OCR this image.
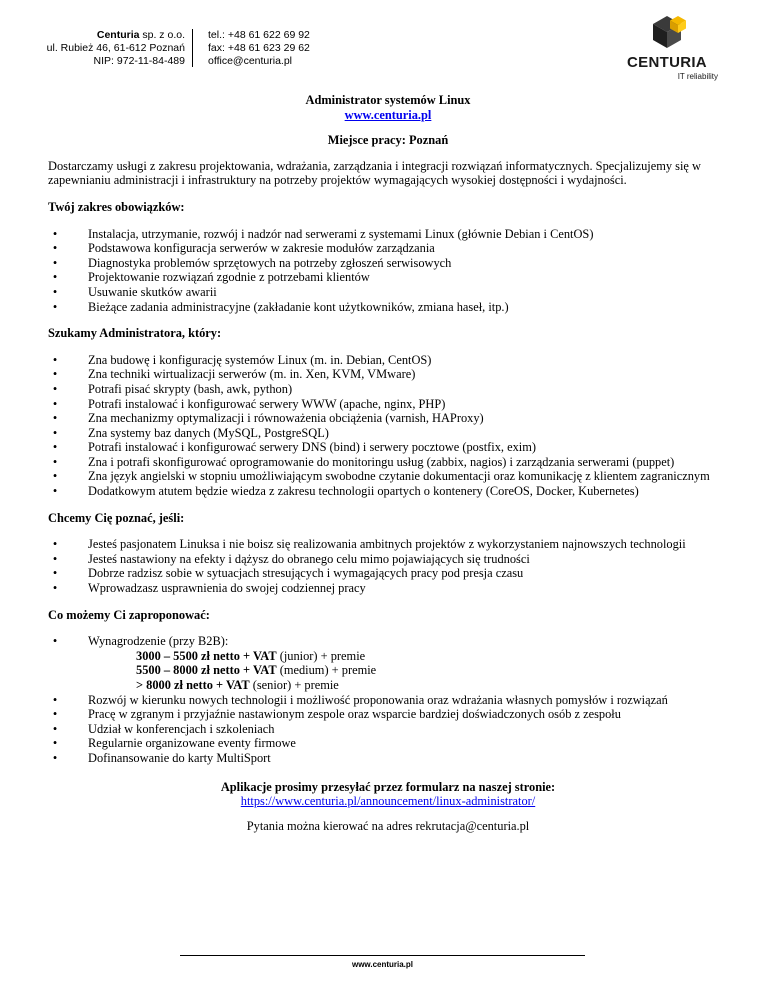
Centuria sp. z o.o.
ul. Rubież 46, 61-612 Poznań
NIP: 972-11-84-489
tel.: +48 61 622 69 92
fax: +48 61 623 29 62
office@centuria.pl	CENTURIA
IT reliability

Administrator systemów Linux

www.centuria.pl

Miejsce pracy: Poznań

Dostarczamy usługi z zakresu projektowania, wdrażania, zarządzania i integracji rozwiązań informatycznych. Specjalizujemy się w zapewnianiu administracji i infrastruktury na potrzeby projektów wymagających wysokiej dostępności i wydajności.

Twój zakres obowiązków:

• Instalacja, utrzymanie, rozwój i nadzór nad serwerami z systemami Linux (głównie Debian i CentOS)
• Podstawowa konfiguracja serwerów w zakresie modułów zarządzania
• Diagnostyka problemów sprzętowych na potrzeby zgłoszeń serwisowych
• Projektowanie rozwiązań zgodnie z potrzebami klientów
• Usuwanie skutków awarii
• Bieżące zadania administracyjne (zakładanie kont użytkowników, zmiana haseł, itp.)

Szukamy Administratora, który:

• Zna budowę i konfigurację systemów Linux (m. in. Debian, CentOS)
• Zna techniki wirtualizacji serwerów (m. in. Xen, KVM, VMware)
• Potrafi pisać skrypty (bash, awk, python)
• Potrafi instalować i konfigurować serwery WWW (apache, nginx, PHP)
• Zna mechanizmy optymalizacji i równoważenia obciążenia (varnish, HAProxy)
• Zna systemy baz danych (MySQL, PostgreSQL)
• Potrafi instalować i konfigurować serwery DNS (bind) i serwery pocztowe (postfix, exim)
• Zna i potrafi skonfigurować oprogramowanie do monitoringu usług (zabbix, nagios) i zarządzania serwerami (puppet)
• Zna język angielski w stopniu umożliwiającym swobodne czytanie dokumentacji oraz komunikację z klientem zagranicznym
• Dodatkowym atutem będzie wiedza z zakresu technologii opartych o kontenery (CoreOS, Docker, Kubernetes)

Chcemy Cię poznać, jeśli:

• Jesteś pasjonatem Linuksa i nie boisz się realizowania ambitnych projektów z wykorzystaniem najnowszych technologii
• Jesteś nastawiony na efekty i dążysz do obranego celu mimo pojawiających się trudności
• Dobrze radzisz sobie w sytuacjach stresujących i wymagających pracy pod presja czasu
• Wprowadzasz usprawnienia do swojej codziennej pracy

Co możemy Ci zaproponować:

• Wynagrodzenie (przy B2B):
3000 – 5500 zł netto + VAT (junior) + premie
5500 – 8000 zł netto + VAT (medium) + premie
> 8000 zł netto + VAT (senior) + premie
• Rozwój w kierunku nowych technologii i możliwość proponowania oraz wdrażania własnych pomysłów i rozwiązań
• Pracę w zgranym i przyjaźnie nastawionym zespole oraz wsparcie bardziej doświadczonych osób z zespołu
• Udział w konferencjach i szkoleniach
• Regularnie organizowane eventy firmowe
• Dofinansowanie do karty MultiSport

Aplikacje prosimy przesyłać przez formularz na naszej stronie:

https://www.centuria.pl/announcement/linux-administrator/

Pytania można kierować na adres rekrutacja@centuria.pl

www.centuria.pl
